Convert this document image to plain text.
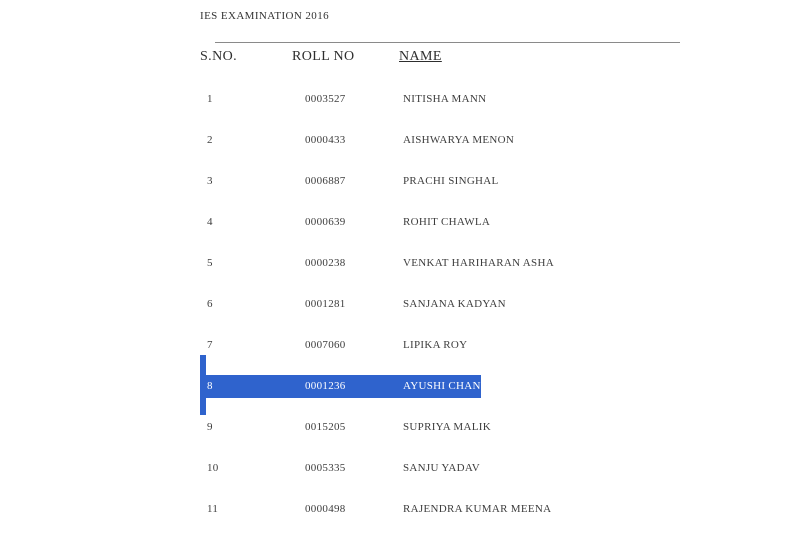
IES EXAMINATION 2016
S.NO.	ROLL NO	NAME
1	0003527	NITISHA MANN
2	0000433	AISHWARYA MENON
3	0006887	PRACHI SINGHAL
4	0000639	ROHIT CHAWLA
5	0000238	VENKAT HARIHARAN ASHA
6	0001281	SANJANA KADYAN
7	0007060	LIPIKA ROY
8	0001236	AYUSHI CHAND
9	0015205	SUPRIYA MALIK
10	0005335	SANJU YADAV
11	0000498	RAJENDRA KUMAR MEENA
